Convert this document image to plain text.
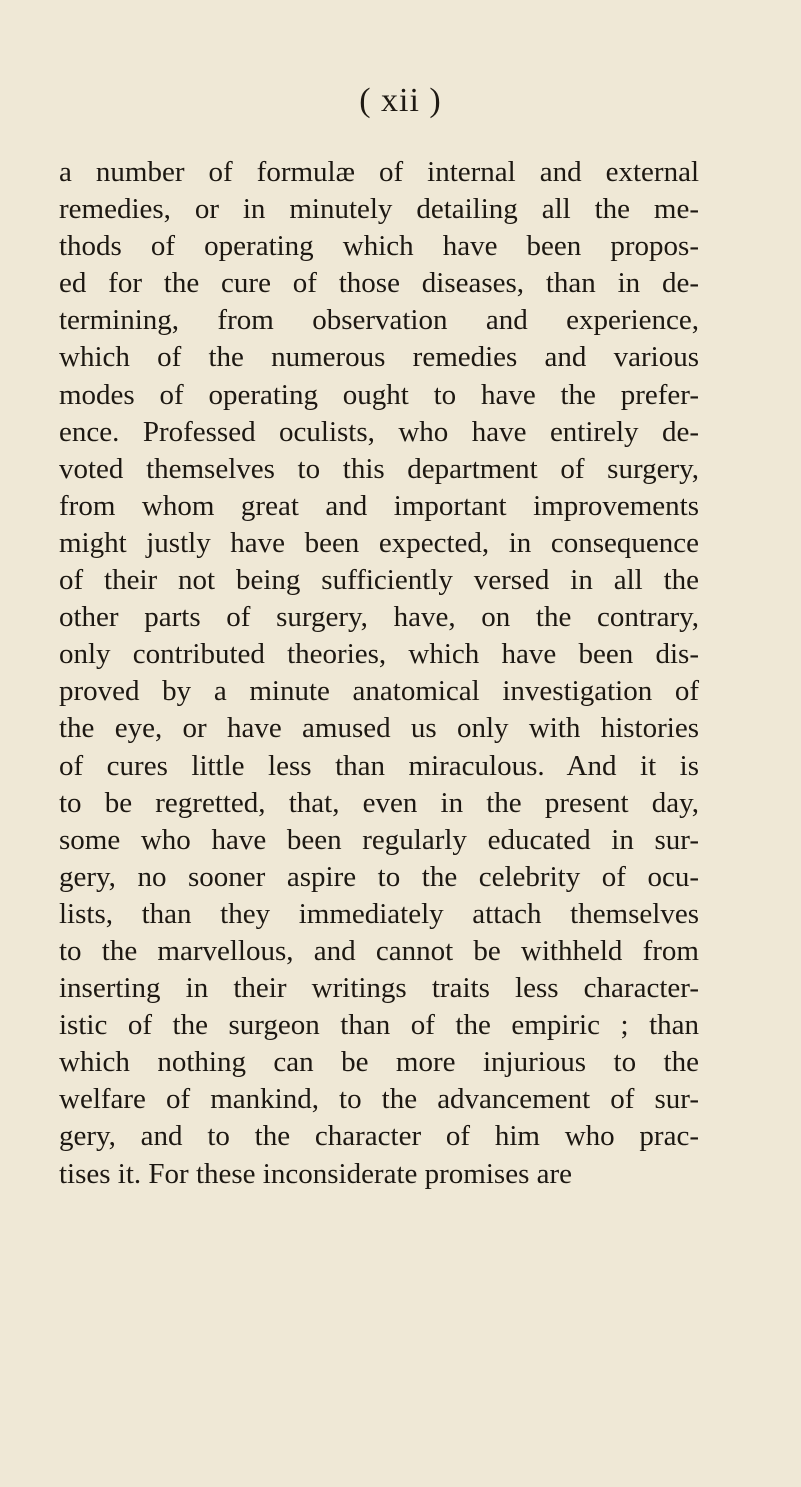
( xii )
a number of formulæ of internal and external
remedies, or in minutely detailing all the me-
thods of operating which have been propos-
ed for the cure of those diseases, than in de-
termining, from observation and experience,
which of the numerous remedies and various
modes of operating ought to have the prefer-
ence. Professed oculists, who have entirely de-
voted themselves to this department of surgery,
from whom great and important improvements
might justly have been expected, in consequence
of their not being sufficiently versed in all the
other parts of surgery, have, on the contrary,
only contributed theories, which have been dis-
proved by a minute anatomical investigation of
the eye, or have amused us only with histories
of cures little less than miraculous. And it is
to be regretted, that, even in the present day,
some who have been regularly educated in sur-
gery, no sooner aspire to the celebrity of ocu-
lists, than they immediately attach themselves
to the marvellous, and cannot be withheld from
inserting in their writings traits less character-
istic of the surgeon than of the empiric ; than
which nothing can be more injurious to the
welfare of mankind, to the advancement of sur-
gery, and to the character of him who prac-
tises it. For these inconsiderate promises are
